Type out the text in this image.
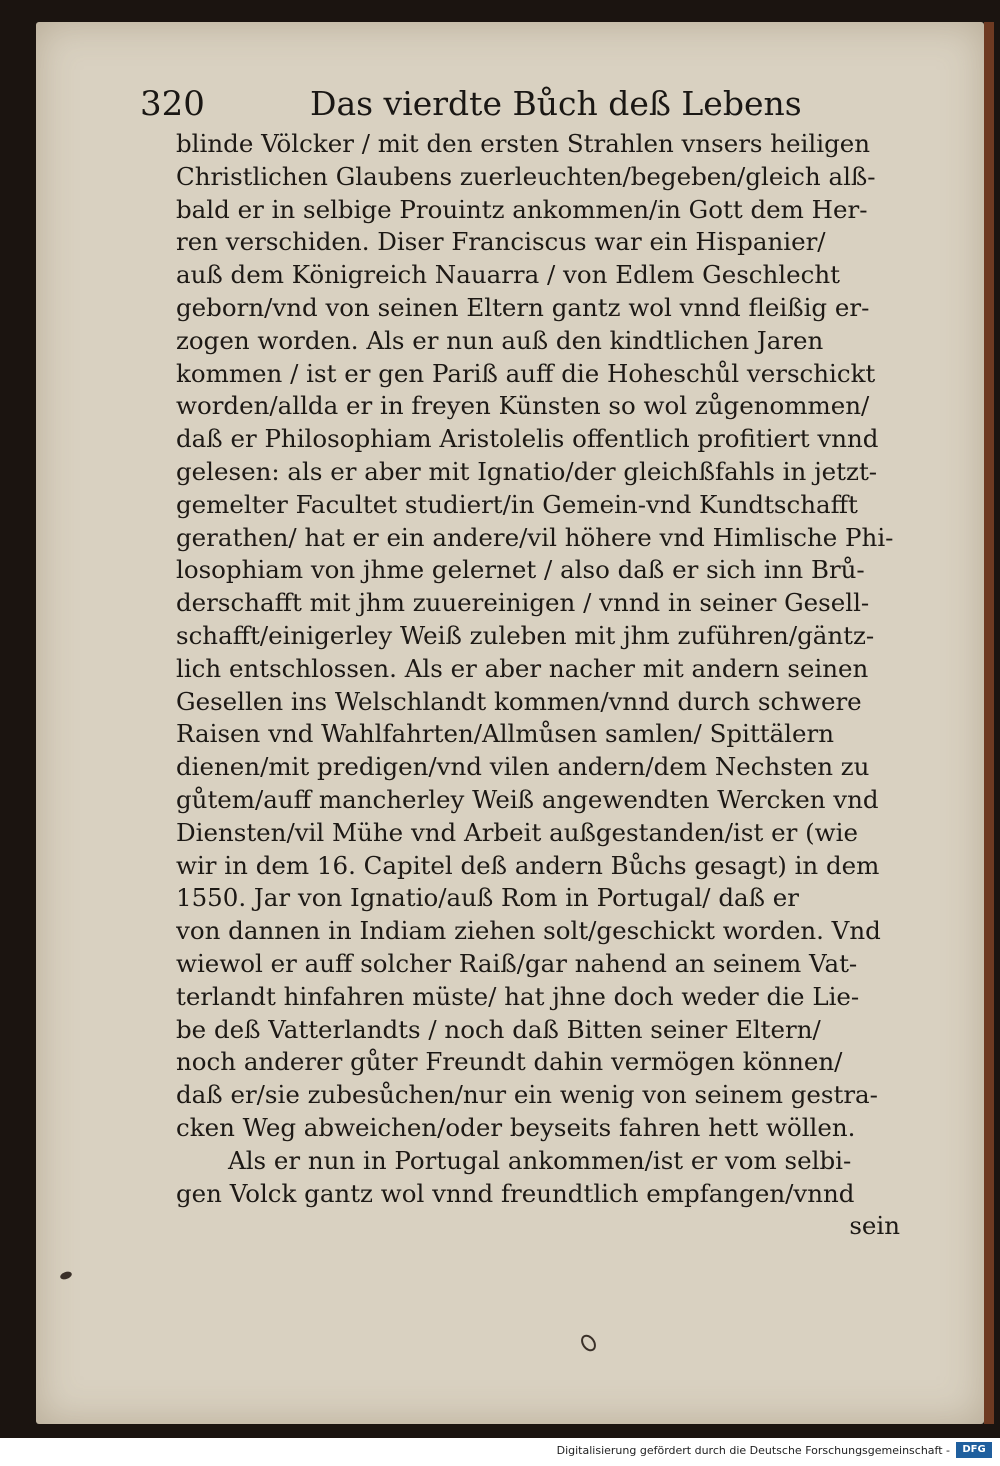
320	Das vierdte Bůch deß Lebens
blinde Völcker / mit den ersten Strahlen vnsers heiligen
Christlichen Glaubens zuerleuchten/begeben/gleich alß-
bald er in selbige Prouintz ankommen/in Gott dem Her-
ren verschiden. Diser Franciscus war ein Hispanier/
auß dem Königreich Nauarra / von Edlem Geschlecht
geborn/vnd von seinen Eltern gantz wol vnnd fleißig er-
zogen worden. Als er nun auß den kindtlichen Jaren
kommen / ist er gen Pariß auff die Hoheschůl verschickt
worden/allda er in freyen Künsten so wol zůgenommen/
daß er Philosophiam Aristolelis offentlich profitiert vnnd
gelesen: als er aber mit Ignatio/der gleichßfahls in jetzt-
gemelter Facultet studiert/in Gemein-vnd Kundtschafft
gerathen/ hat er ein andere/vil höhere vnd Himlische Phi-
losophiam von jhme gelernet / also daß er sich inn Brů-
derschafft mit jhm zuuereinigen / vnnd in seiner Gesell-
schafft/einigerley Weiß zuleben mit jhm zuführen/gäntz-
lich entschlossen. Als er aber nacher mit andern seinen
Gesellen ins Welschlandt kommen/vnnd durch schwere
Raisen vnd Wahlfahrten/Allmůsen samlen/ Spittälern
dienen/mit predigen/vnd vilen andern/dem Nechsten zu
gůtem/auff mancherley Weiß angewendten Wercken vnd
Diensten/vil Mühe vnd Arbeit außgestanden/ist er (wie
wir in dem 16. Capitel deß andern Bůchs gesagt) in dem
1550. Jar von Ignatio/auß Rom in Portugal/ daß er
von dannen in Indiam ziehen solt/geschickt worden. Vnd
wiewol er auff solcher Raiß/gar nahend an seinem Vat-
terlandt hinfahren müste/ hat jhne doch weder die Lie-
be deß Vatterlandts / noch daß Bitten seiner Eltern/
noch anderer gůter Freundt dahin vermögen können/
daß er/sie zubesůchen/nur ein wenig von seinem gestra-
cken Weg abweichen/oder beyseits fahren hett wöllen.
Als er nun in Portugal ankommen/ist er vom selbi-
gen Volck gantz wol vnnd freundtlich empfangen/vnnd
sein
Digitalisierung gefördert durch die Deutsche Forschungsgemeinschaft -	DFG
